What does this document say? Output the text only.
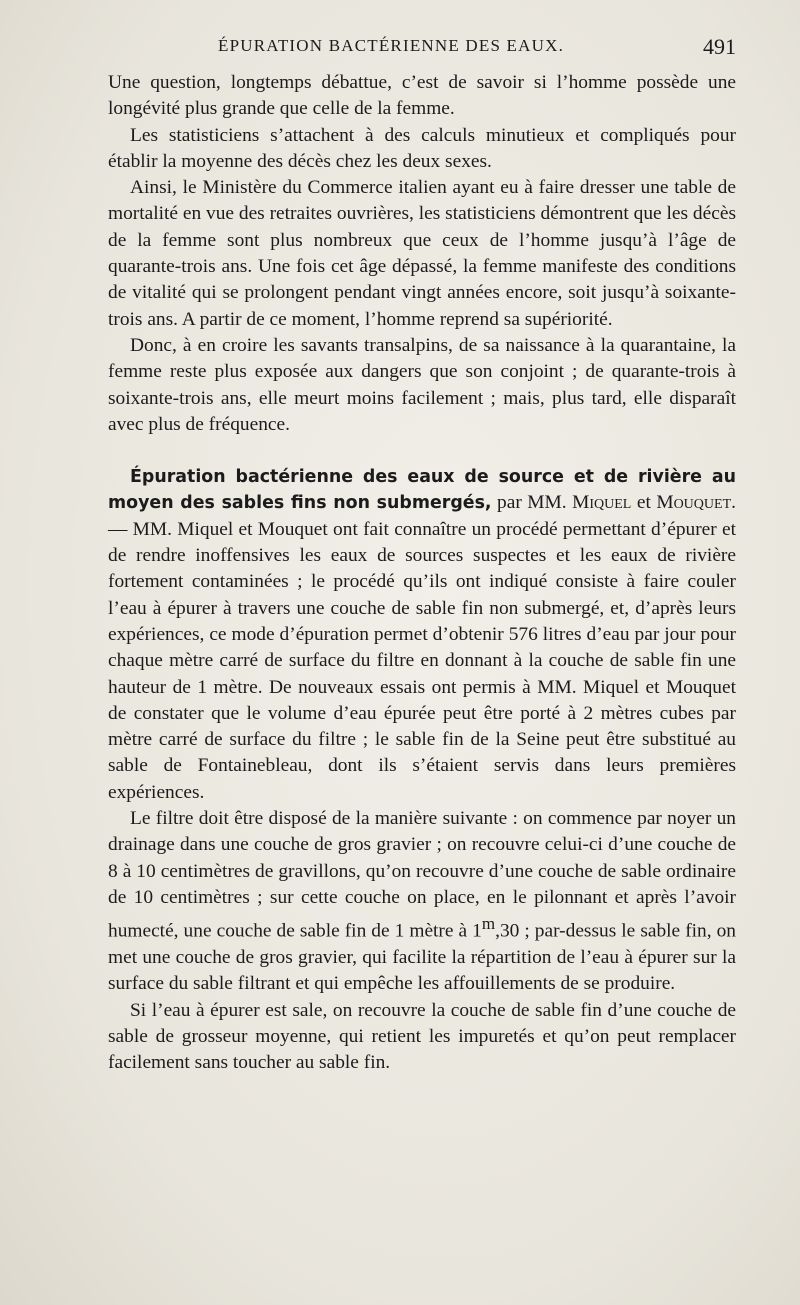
ÉPURATION BACTÉRIENNE DES EAUX.	491

Une question, longtemps débattue, c’est de savoir si l’homme possède une longévité plus grande que celle de la femme.

Les statisticiens s’attachent à des calculs minutieux et compliqués pour établir la moyenne des décès chez les deux sexes.

Ainsi, le Ministère du Commerce italien ayant eu à faire dresser une table de mortalité en vue des retraites ouvrières, les statisticiens démontrent que les décès de la femme sont plus nombreux que ceux de l’homme jusqu’à l’âge de quarante-trois ans. Une fois cet âge dépassé, la femme manifeste des conditions de vitalité qui se prolongent pendant vingt années encore, soit jusqu’à soixante-trois ans. A partir de ce moment, l’homme reprend sa supériorité.

Donc, à en croire les savants transalpins, de sa naissance à la quarantaine, la femme reste plus exposée aux dangers que son conjoint ; de quarante-trois à soixante-trois ans, elle meurt moins facilement ; mais, plus tard, elle disparaît avec plus de fréquence.

Épuration bactérienne des eaux de source et de rivière au moyen des sables fins non submergés, par MM. Miquel et Mouquet. — MM. Miquel et Mouquet ont fait connaître un procédé permettant d’épurer et de rendre inoffensives les eaux de sources suspectes et les eaux de rivière fortement contaminées ; le procédé qu’ils ont indiqué consiste à faire couler l’eau à épurer à travers une couche de sable fin non submergé, et, d’après leurs expériences, ce mode d’épuration permet d’obtenir 576 litres d’eau par jour pour chaque mètre carré de surface du filtre en donnant à la couche de sable fin une hauteur de 1 mètre. De nouveaux essais ont permis à MM. Miquel et Mouquet de constater que le volume d’eau épurée peut être porté à 2 mètres cubes par mètre carré de surface du filtre ; le sable fin de la Seine peut être substitué au sable de Fontainebleau, dont ils s’étaient servis dans leurs premières expériences.

Le filtre doit être disposé de la manière suivante : on commence par noyer un drainage dans une couche de gros gravier ; on recouvre celui-ci d’une couche de 8 à 10 centimètres de gravillons, qu’on recouvre d’une couche de sable ordinaire de 10 centimètres ; sur cette couche on place, en le pilonnant et après l’avoir humecté, une couche de sable fin de 1 mètre à 1$^m$,30 ; par-dessus le sable fin, on met une couche de gros gravier, qui facilite la répartition de l’eau à épurer sur la surface du sable filtrant et qui empêche les affouillements de se produire.

Si l’eau à épurer est sale, on recouvre la couche de sable fin d’une couche de sable de grosseur moyenne, qui retient les impuretés et qu’on peut remplacer facilement sans toucher au sable fin.
